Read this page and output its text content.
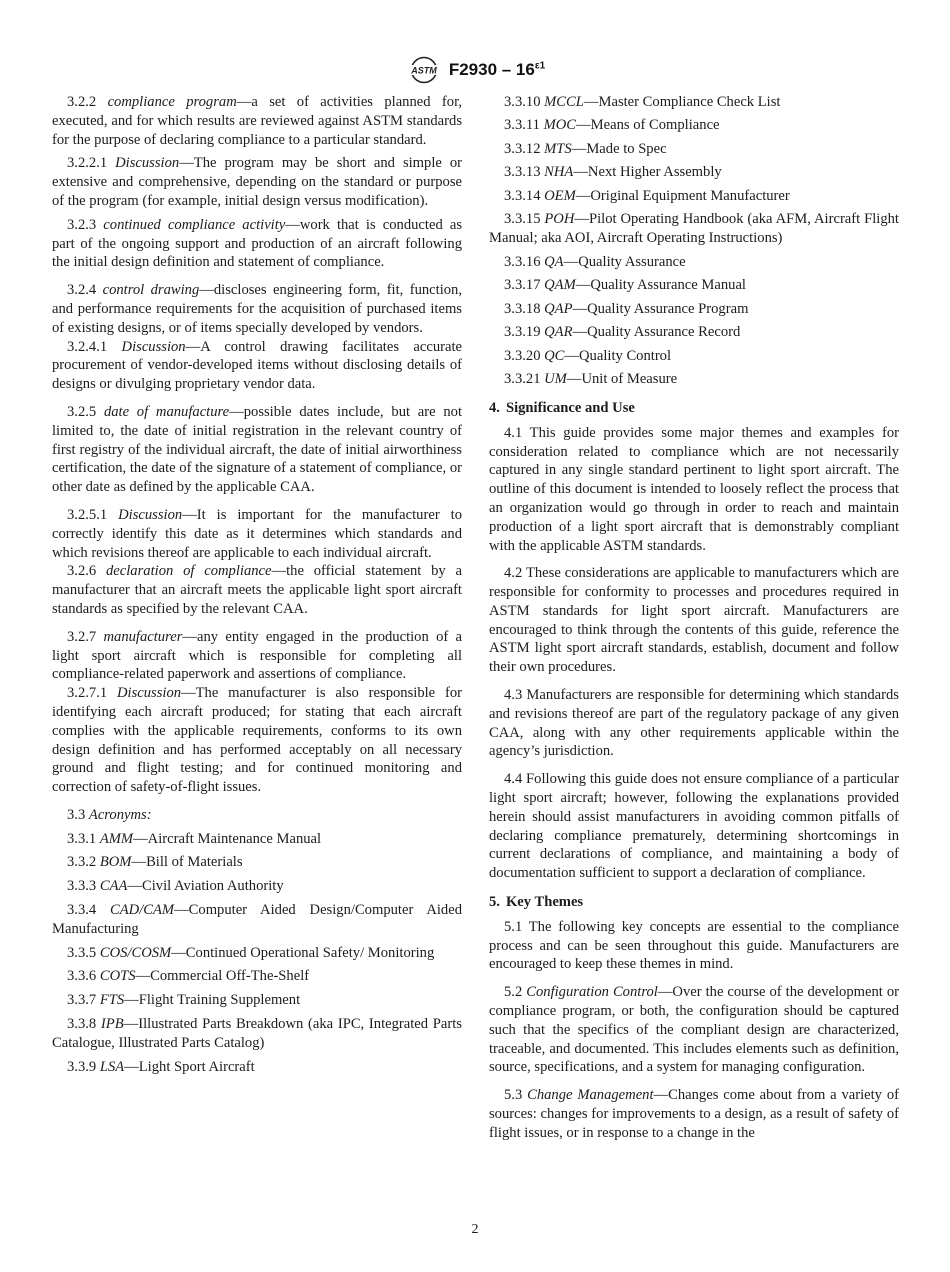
ASTM $F2930 - 16^{\varepsilon 1}$

3.2.2 compliance program—a set of activities planned for, executed, and for which results are reviewed against ASTM standards for the purpose of declaring compliance to a particular standard.

3.2.2.1 Discussion—The program may be short and simple or extensive and comprehensive, depending on the standard or purpose of the program (for example, initial design versus modification).

3.2.3 continued compliance activity—work that is conducted as part of the ongoing support and production of an aircraft following the initial design definition and statement of compliance.

3.2.4 control drawing—discloses engineering form, fit, function, and performance requirements for the acquisition of purchased items of existing designs, or of items specially developed by vendors.

3.2.4.1 Discussion—A control drawing facilitates accurate procurement of vendor-developed items without disclosing details of designs or divulging proprietary vendor data.

3.2.5 date of manufacture—possible dates include, but are not limited to, the date of initial registration in the relevant country of first registry of the individual aircraft, the date of initial airworthiness certification, the date of the signature of a statement of compliance, or other date as defined by the applicable CAA.

3.2.5.1 Discussion—It is important for the manufacturer to correctly identify this date as it determines which standards and which revisions thereof are applicable to each individual aircraft.

3.2.6 declaration of compliance—the official statement by a manufacturer that an aircraft meets the applicable light sport aircraft standards as specified by the relevant CAA.

3.2.7 manufacturer—any entity engaged in the production of a light sport aircraft which is responsible for completing all compliance-related paperwork and assertions of compliance.

3.2.7.1 Discussion—The manufacturer is also responsible for identifying each aircraft produced; for stating that each aircraft complies with the applicable requirements, conforms to its own design definition and has performed acceptably on all necessary ground and flight testing; and for continued monitoring and correction of safety-of-flight issues.

3.3 Acronyms:

3.3.1 AMM—Aircraft Maintenance Manual

3.3.2 BOM—Bill of Materials

3.3.3 CAA—Civil Aviation Authority

3.3.4 CAD/CAM—Computer Aided Design/Computer Aided Manufacturing

3.3.5 COS/COSM—Continued Operational Safety/ Monitoring

3.3.6 COTS—Commercial Off-The-Shelf

3.3.7 FTS—Flight Training Supplement

3.3.8 IPB—Illustrated Parts Breakdown (aka IPC, Integrated Parts Catalogue, Illustrated Parts Catalog)

3.3.9 LSA—Light Sport Aircraft

3.3.10 MCCL—Master Compliance Check List

3.3.11 MOC—Means of Compliance

3.3.12 MTS—Made to Spec

3.3.13 NHA—Next Higher Assembly

3.3.14 OEM—Original Equipment Manufacturer

3.3.15 POH—Pilot Operating Handbook (aka AFM, Aircraft Flight Manual; aka AOI, Aircraft Operating Instructions)

3.3.16 QA—Quality Assurance

3.3.17 QAM—Quality Assurance Manual

3.3.18 QAP—Quality Assurance Program

3.3.19 QAR—Quality Assurance Record

3.3.20 QC—Quality Control

3.3.21 UM—Unit of Measure

4. Significance and Use

4.1 This guide provides some major themes and examples for consideration related to compliance which are not necessarily captured in any single standard pertinent to light sport aircraft. The outline of this document is intended to loosely reflect the process that an organization would go through in order to reach and maintain production of a light sport aircraft that is demonstrably compliant with the applicable ASTM standards.

4.2 These considerations are applicable to manufacturers which are responsible for conformity to processes and procedures required in ASTM standards for light sport aircraft. Manufacturers are encouraged to think through the contents of this guide, reference the ASTM light sport aircraft standards, establish, document and follow their own procedures.

4.3 Manufacturers are responsible for determining which standards and revisions thereof are part of the regulatory package of any given CAA, along with any other requirements applicable within the agency’s jurisdiction.

4.4 Following this guide does not ensure compliance of a particular light sport aircraft; however, following the explanations provided herein should assist manufacturers in avoiding common pitfalls of declaring compliance prematurely, determining shortcomings in current declarations of compliance, and maintaining a body of documentation sufficient to support a declaration of compliance.

5. Key Themes

5.1 The following key concepts are essential to the compliance process and can be seen throughout this guide. Manufacturers are encouraged to keep these themes in mind.

5.2 Configuration Control—Over the course of the development or compliance program, or both, the configuration should be captured such that the specifics of the compliant design are characterized, traceable, and documented. This includes elements such as definition, source, specifications, and a system for managing configuration.

5.3 Change Management—Changes come about from a variety of sources: changes for improvements to a design, as a result of safety of flight issues, or in response to a change in the

2
